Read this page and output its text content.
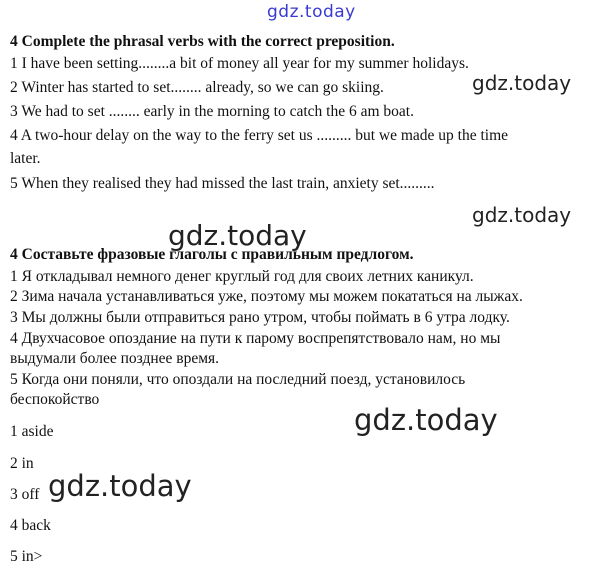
gdz.today
gdz.today
gdz.today
gdz.today
gdz.today
gdz.today
4 Complete the phrasal verbs with the correct preposition.
1 I have been setting........a bit of money all year for my summer holidays.
2 Winter has started to set........ already, so we can go skiing.
3 We had to set ........ early in the morning to catch the 6 am boat.
4 A two-hour delay on the way to the ferry set us ......... but we made up the time
later.
5 When they realised they had missed the last train, anxiety set.........
4 Составьте фразовые глаголы с правильным предлогом.
1 Я откладывал немного денег круглый год для своих летних каникул.
2 Зима начала устанавливаться уже, поэтому мы можем покататься на лыжах.
3 Мы должны были отправиться рано утром, чтобы поймать в 6 утра лодку.
4 Двухчасовое опоздание на пути к парому воспрепятствовало нам, но мы
выдумали более позднее время.
5 Когда они поняли, что опоздали на последний поезд, установилось
беспокойство
1 aside
2 in
3 off
4 back
5 in>
